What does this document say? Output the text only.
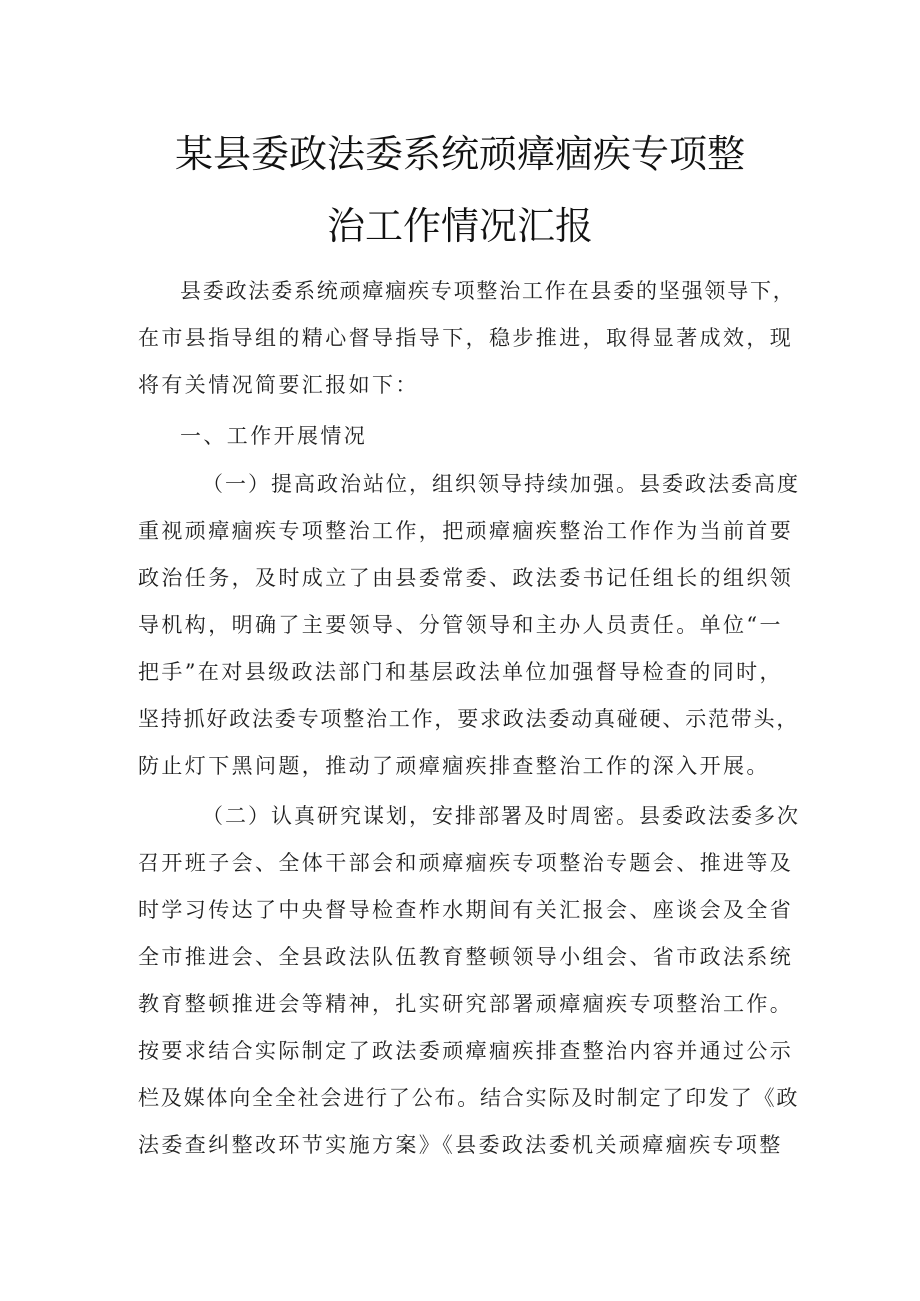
某县委政法委系统顽瘴痼疾专项整
治工作情况汇报
县委政法委系统顽瘴痼疾专项整治工作在县委的坚强领导下，
在市县指导组的精心督导指导下，稳步推进，取得显著成效，现
将有关情况简要汇报如下：
一、工作开展情况
（一）提高政治站位，组织领导持续加强。县委政法委高度
重视顽瘴痼疾专项整治工作，把顽瘴痼疾整治工作作为当前首要
政治任务，及时成立了由县委常委、政法委书记任组长的组织领
导机构，明确了主要领导、分管领导和主办人员责任。单位“一
把手”在对县级政法部门和基层政法单位加强督导检查的同时，
坚持抓好政法委专项整治工作，要求政法委动真碰硬、示范带头，
防止灯下黑问题，推动了顽瘴痼疾排查整治工作的深入开展。
（二）认真研究谋划，安排部署及时周密。县委政法委多次
召开班子会、全体干部会和顽瘴痼疾专项整治专题会、推进等及
时学习传达了中央督导检查柞水期间有关汇报会、座谈会及全省
全市推进会、全县政法队伍教育整顿领导小组会、省市政法系统
教育整顿推进会等精神，扎实研究部署顽瘴痼疾专项整治工作。
按要求结合实际制定了政法委顽瘴痼疾排查整治内容并通过公示
栏及媒体向全全社会进行了公布。结合实际及时制定了印发了《政
法委查纠整改环节实施方案》《县委政法委机关顽瘴痼疾专项整
